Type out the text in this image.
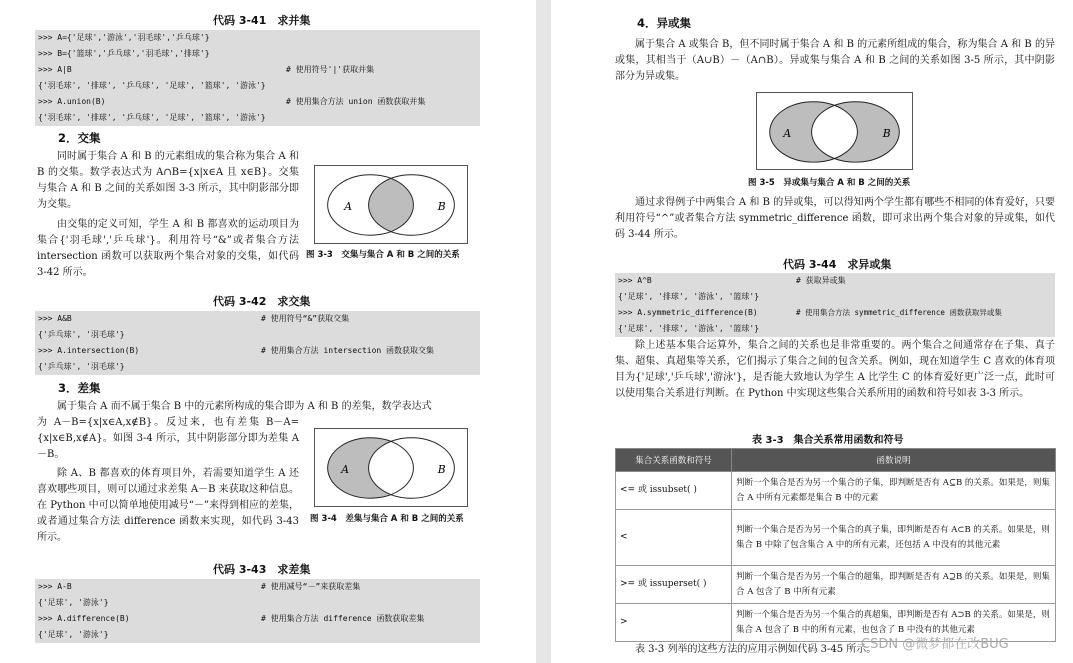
代码 3-41　求并集
>>> A={'足球','游泳','羽毛球','乒乓球'}
>>> B={'篮球','乒乓球','羽毛球','排球'}
>>> A|B	# 使用符号'|'获取并集
{'羽毛球', '排球', '乒乓球', '足球', '篮球', '游泳'}
>>> A.union(B)	# 使用集合方法 union 函数获取并集
{'羽毛球', '排球', '乒乓球', '足球', '篮球', '游泳'}
2．交集

同时属于集合 A 和 B 的元素组成的集合称为集合 A 和 B 的交集。数学表达式为 A∩B={x|x∈A 且 x∈B}。交集与集合 A 和 B 之间的关系如图 3-3 所示，其中阴影部分即为交集。

由交集的定义可知，学生 A 和 B 都喜欢的运动项目为集合{'羽毛球','乒乓球'}。利用符号“&”或者集合方法 intersection 函数可以获取两个集合对象的交集，如代码 3-42 所示。

A	B
图 3-3　交集与集合 A 和 B 之间的关系
代码 3-42　求交集
>>> A&B	# 使用符号“&”获取交集
{'乒乓球', '羽毛球'}
>>> A.intersection(B)	# 使用集合方法 intersection 函数获取交集
{'乒乓球', '羽毛球'}
3．差集

属于集合 A 而不属于集合 B 中的元素所构成的集合即为 A 和 B 的差集，数学表达式

为 A－B={x|x∈A,x∉B}。反过来，也有差集 B－A={x|x∈B,x∉A}。如图 3-4 所示，其中阴影部分即为差集 A－B。

除 A、B 都喜欢的体育项目外，若需要知道学生 A 还喜欢哪些项目，则可以通过求差集 A－B 来获取这种信息。在 Python 中可以简单地使用减号“－”来得到相应的差集，或者通过集合方法 difference 函数来实现，如代码 3-43 所示。

A	B
图 3-4　差集与集合 A 和 B 之间的关系
代码 3-43　求差集
>>> A-B	# 使用减号“－”来获取差集
{'足球', '游泳'}
>>> A.difference(B)	# 使用集合方法 difference 函数获取差集
{'足球', '游泳'}
4．异或集

属于集合 A 或集合 B，但不同时属于集合 A 和 B 的元素所组成的集合，称为集合 A 和 B 的异或集，其相当于（A∪B）－（A∩B）。异或集与集合 A 和 B 之间的关系如图 3-5 所示，其中阴影部分为异或集。

A	B
图 3-5　异或集与集合 A 和 B 之间的关系

通过求得例子中两集合 A 和 B 的异或集，可以得知两个学生都有哪些不相同的体育爱好，只要利用符号“^”或者集合方法 symmetric_difference 函数，即可求出两个集合对象的异或集，如代码 3-44 所示。

代码 3-44　求异或集
>>> A^B	# 获取异或集
{'足球', '排球', '游泳', '篮球'}
>>> A.symmetric_difference(B)	# 使用集合方法 symmetric_difference 函数获取异或集
{'足球', '排球', '游泳', '篮球'}

除上述基本集合运算外，集合之间的关系也是非常重要的。两个集合之间通常存在子集、真子集、超集、真超集等关系，它们揭示了集合之间的包含关系。例如，现在知道学生 C 喜欢的体育项目为{'足球','乒乓球','游泳'}，是否能大致地认为学生 A 比学生 C 的体育爱好更广泛一点，此时可以使用集合关系进行判断。在 Python 中实现这些集合关系所用的函数和符号如表 3-3 所示。

表 3-3　集合关系常用函数和符号
集合关系函数和符号	函数说明
<= 或 issubset( )	判断一个集合是否为另一个集合的子集，即判断是否有 A⊆B 的关系。如果是，则集合 A 中所有元素都是集合 B 中的元素
<	判断一个集合是否为另一个集合的真子集，即判断是否有 A⊂B 的关系。如果是，则集合 B 中除了包含集合 A 中的所有元素，还包括 A 中没有的其他元素
>= 或 issuperset( )	判断一个集合是否为另一个集合的超集，即判断是否有 A⊇B 的关系。如果是，则集合 A 包含了 B 中所有元素
>	判断一个集合是否为另一个集合的真超集，即判断是否有 A⊃B 的关系。如果是，则集合 A 包含了 B 中的所有元素，也包含了 B 中没有的其他元素

表 3-3 列举的这些方法的应用示例如代码 3-45 所示。

CSDN @微梦都在改BUG
